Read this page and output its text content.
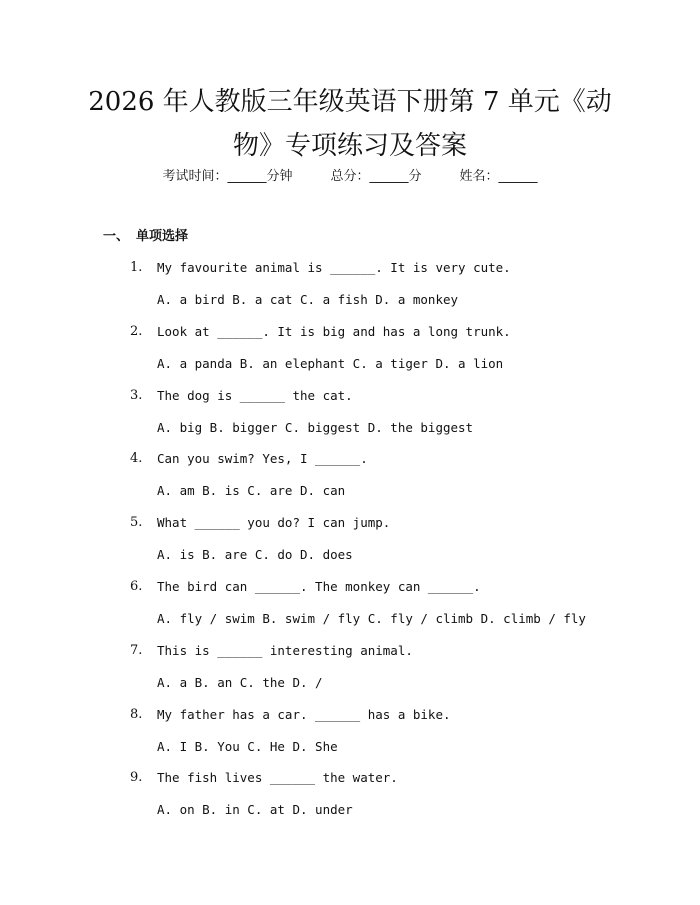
2026 年人教版三年级英语下册第 7 单元《动
物》专项练习及答案
考试时间：______分钟	总分：______分	姓名：______
一、 单项选择
1. My favourite animal is ______. It is very cute.
A. a bird B. a cat C. a fish D. a monkey
2. Look at ______. It is big and has a long trunk.
A. a panda B. an elephant C. a tiger D. a lion
3. The dog is ______ the cat.
A. big B. bigger C. biggest D. the biggest
4. Can you swim? Yes, I ______.
A. am B. is C. are D. can
5. What ______ you do? I can jump.
A. is B. are C. do D. does
6. The bird can ______. The monkey can ______.
A. fly / swim B. swim / fly C. fly / climb D. climb / fly
7. This is ______ interesting animal.
A. a B. an C. the D. /
8. My father has a car. ______ has a bike.
A. I B. You C. He D. She
9. The fish lives ______ the water.
A. on B. in C. at D. under
